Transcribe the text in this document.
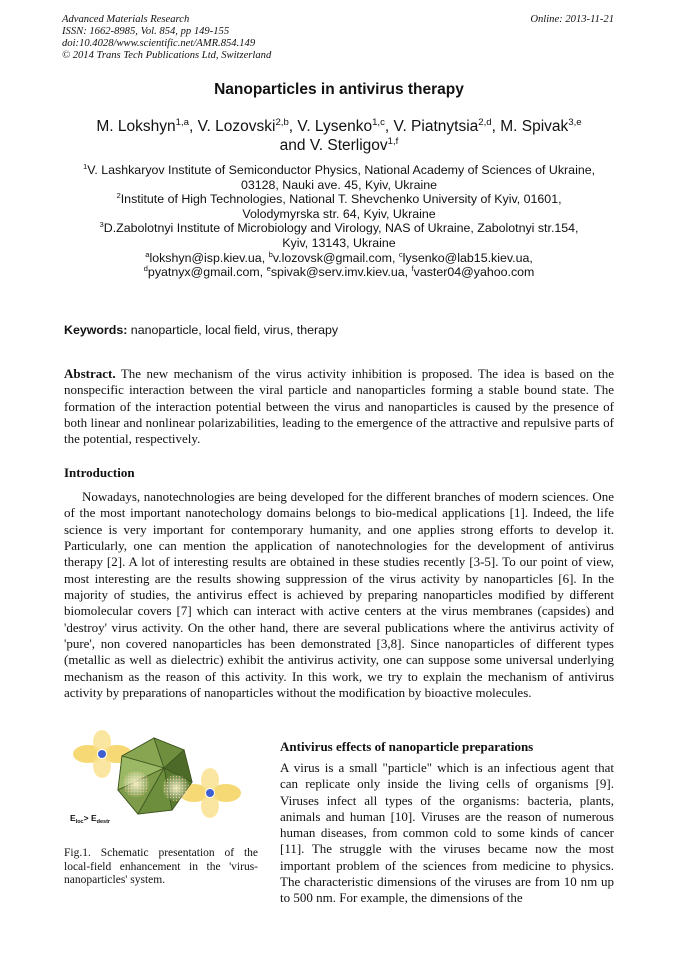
Advanced Materials Research
ISSN: 1662-8985, Vol. 854, pp 149-155
doi:10.4028/www.scientific.net/AMR.854.149
© 2014 Trans Tech Publications Ltd, Switzerland
Online: 2013-11-21
Nanoparticles in antivirus therapy
M. Lokshyn$^{1,a}$, V. Lozovski$^{2,b}$, V. Lysenko$^{1,c}$, V. Piatnytsia$^{2,d}$, M. Spivak$^{3,e}$
and V. Sterligov$^{1,f}$
$^1$V. Lashkaryov Institute of Semiconductor Physics, National Academy of Sciences of Ukraine,
03128, Nauki ave. 45, Kyiv, Ukraine
$^2$Institute of High Technologies, National T. Shevchenko University of Kyiv, 01601,
Volodymyrska str. 64, Kyiv, Ukraine
$^3$D.Zabolotnyi Institute of Microbiology and Virology, NAS of Ukraine, Zabolotnyi str.154,
Kyiv, 13143, Ukraine
$^a$lokshyn@isp.kiev.ua, $^b$v.lozovsk@gmail.com, $^c$lysenko@lab15.kiev.ua,
$^d$pyatnyx@gmail.com, $^e$spivak@serv.imv.kiev.ua, $^f$vaster04@yahoo.com
Keywords: nanoparticle, local field, virus, therapy
Abstract. The new mechanism of the virus activity inhibition is proposed. The idea is based on the nonspecific interaction between the viral particle and nanoparticles forming a stable bound state. The formation of the interaction potential between the virus and nanoparticles is caused by the presence of both linear and nonlinear polarizabilities, leading to the emergence of the attractive and repulsive parts of the potential, respectively.
Introduction

Nowadays, nanotechnologies are being developed for the different branches of modern sciences. One of the most important nanotechology domains belongs to bio-medical applications [1]. Indeed, the life science is very important for contemporary humanity, and one applies strong efforts to develop it. Particularly, one can mention the application of nanotechnologies for the development of antivirus therapy [2]. A lot of interesting results are obtained in these studies recently [3-5]. To our point of view, most interesting are the results showing suppression of the virus activity by nanoparticles [6]. In the majority of studies, the antivirus effect is achieved by preparing nanoparticles modified by different biomolecular covers [7] which can interact with active centers at the virus membranes (capsides) and 'destroy' virus activity. On the other hand, there are several publications where the antivirus activity of 'pure', non covered nanoparticles has been demonstrated [3,8]. Since nanoparticles of different types (metallic as well as dielectric) exhibit the antivirus activity, one can suppose some universal underlying mechanism as the reason of this activity. In this work, we try to explain the mechanism of antivirus activity by preparations of nanoparticles without the modification by bioactive molecules.

$E_{loc}> E_{destr}$
Fig.1. Schematic presentation of the local-field enhancement in the 'virus-nanoparticles' system.
Antivirus effects of nanoparticle preparations

A virus is a small "particle" which is an infectious agent that can replicate only inside the living cells of organisms [9]. Viruses infect all types of the organisms: bacteria, plants, animals and human [10]. Viruses are the reason of numerous human diseases, from common cold to some kinds of cancer [11]. The struggle with the viruses became now the most important problem of the sciences from medicine to physics. The characteristic dimensions of the viruses are from 10 nm up to 500 nm. For example, the dimensions of the
